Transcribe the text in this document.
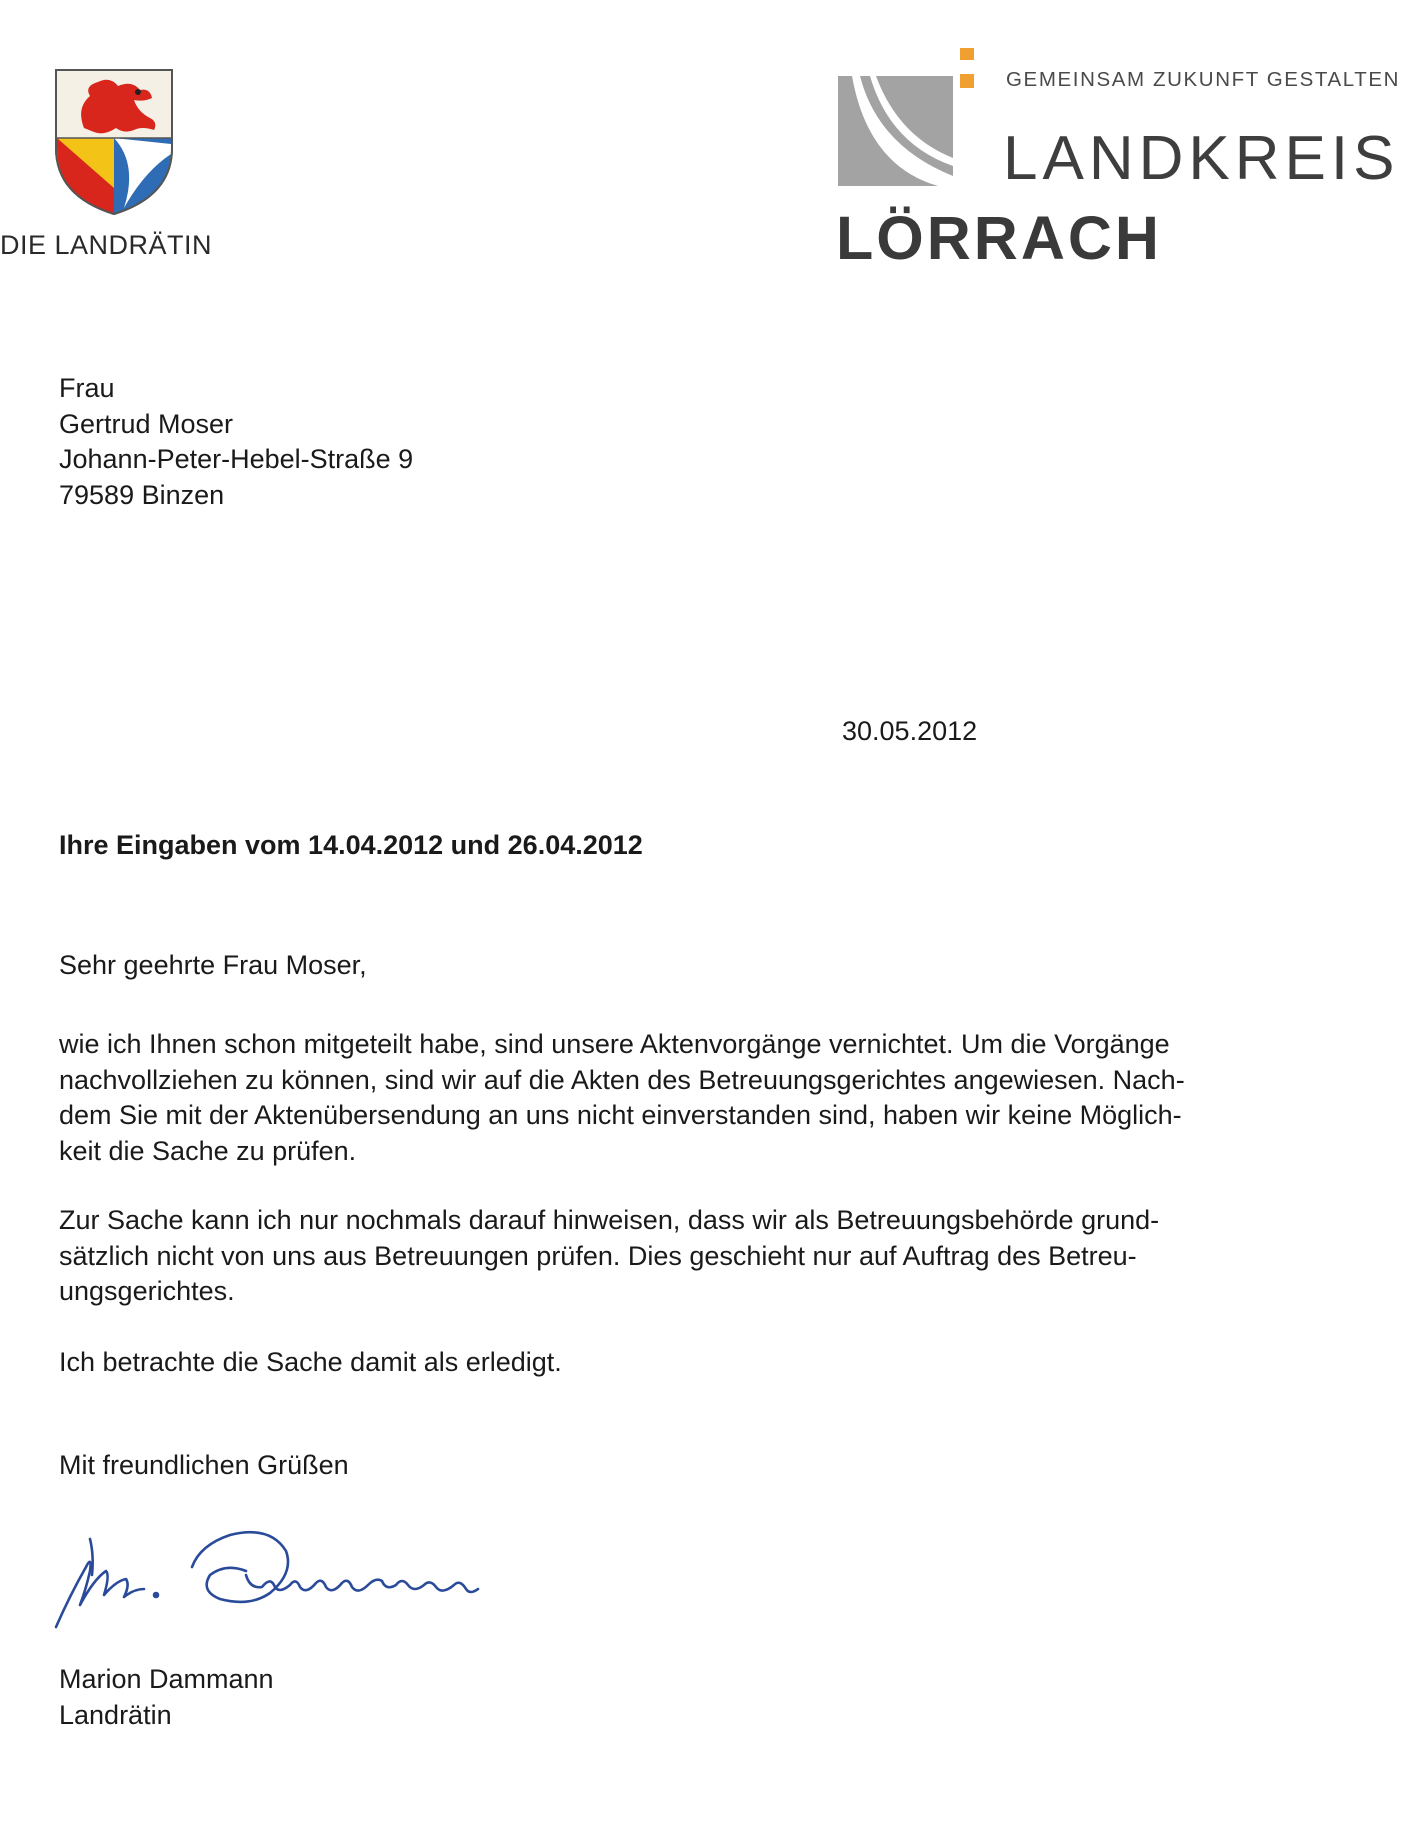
DIE LANDRÄTIN
GEMEINSAM ZUKUNFT GESTALTEN
LANDKREIS
LÖRRACH
Frau
Gertrud Moser
Johann-Peter-Hebel-Straße 9
79589 Binzen
30.05.2012
Ihre Eingaben vom 14.04.2012 und 26.04.2012
Sehr geehrte Frau Moser,
wie ich Ihnen schon mitgeteilt habe, sind unsere Aktenvorgänge vernichtet. Um die Vorgänge
nachvollziehen zu können, sind wir auf die Akten des Betreuungsgerichtes angewiesen. Nach-
dem Sie mit der Aktenübersendung an uns nicht einverstanden sind, haben wir keine Möglich-
keit die Sache zu prüfen.
Zur Sache kann ich nur nochmals darauf hinweisen, dass wir als Betreuungsbehörde grund-
sätzlich nicht von uns aus Betreuungen prüfen. Dies geschieht nur auf Auftrag des Betreu-
ungsgerichtes.
Ich betrachte die Sache damit als erledigt.
Mit freundlichen Grüßen
Marion Dammann
Landrätin
